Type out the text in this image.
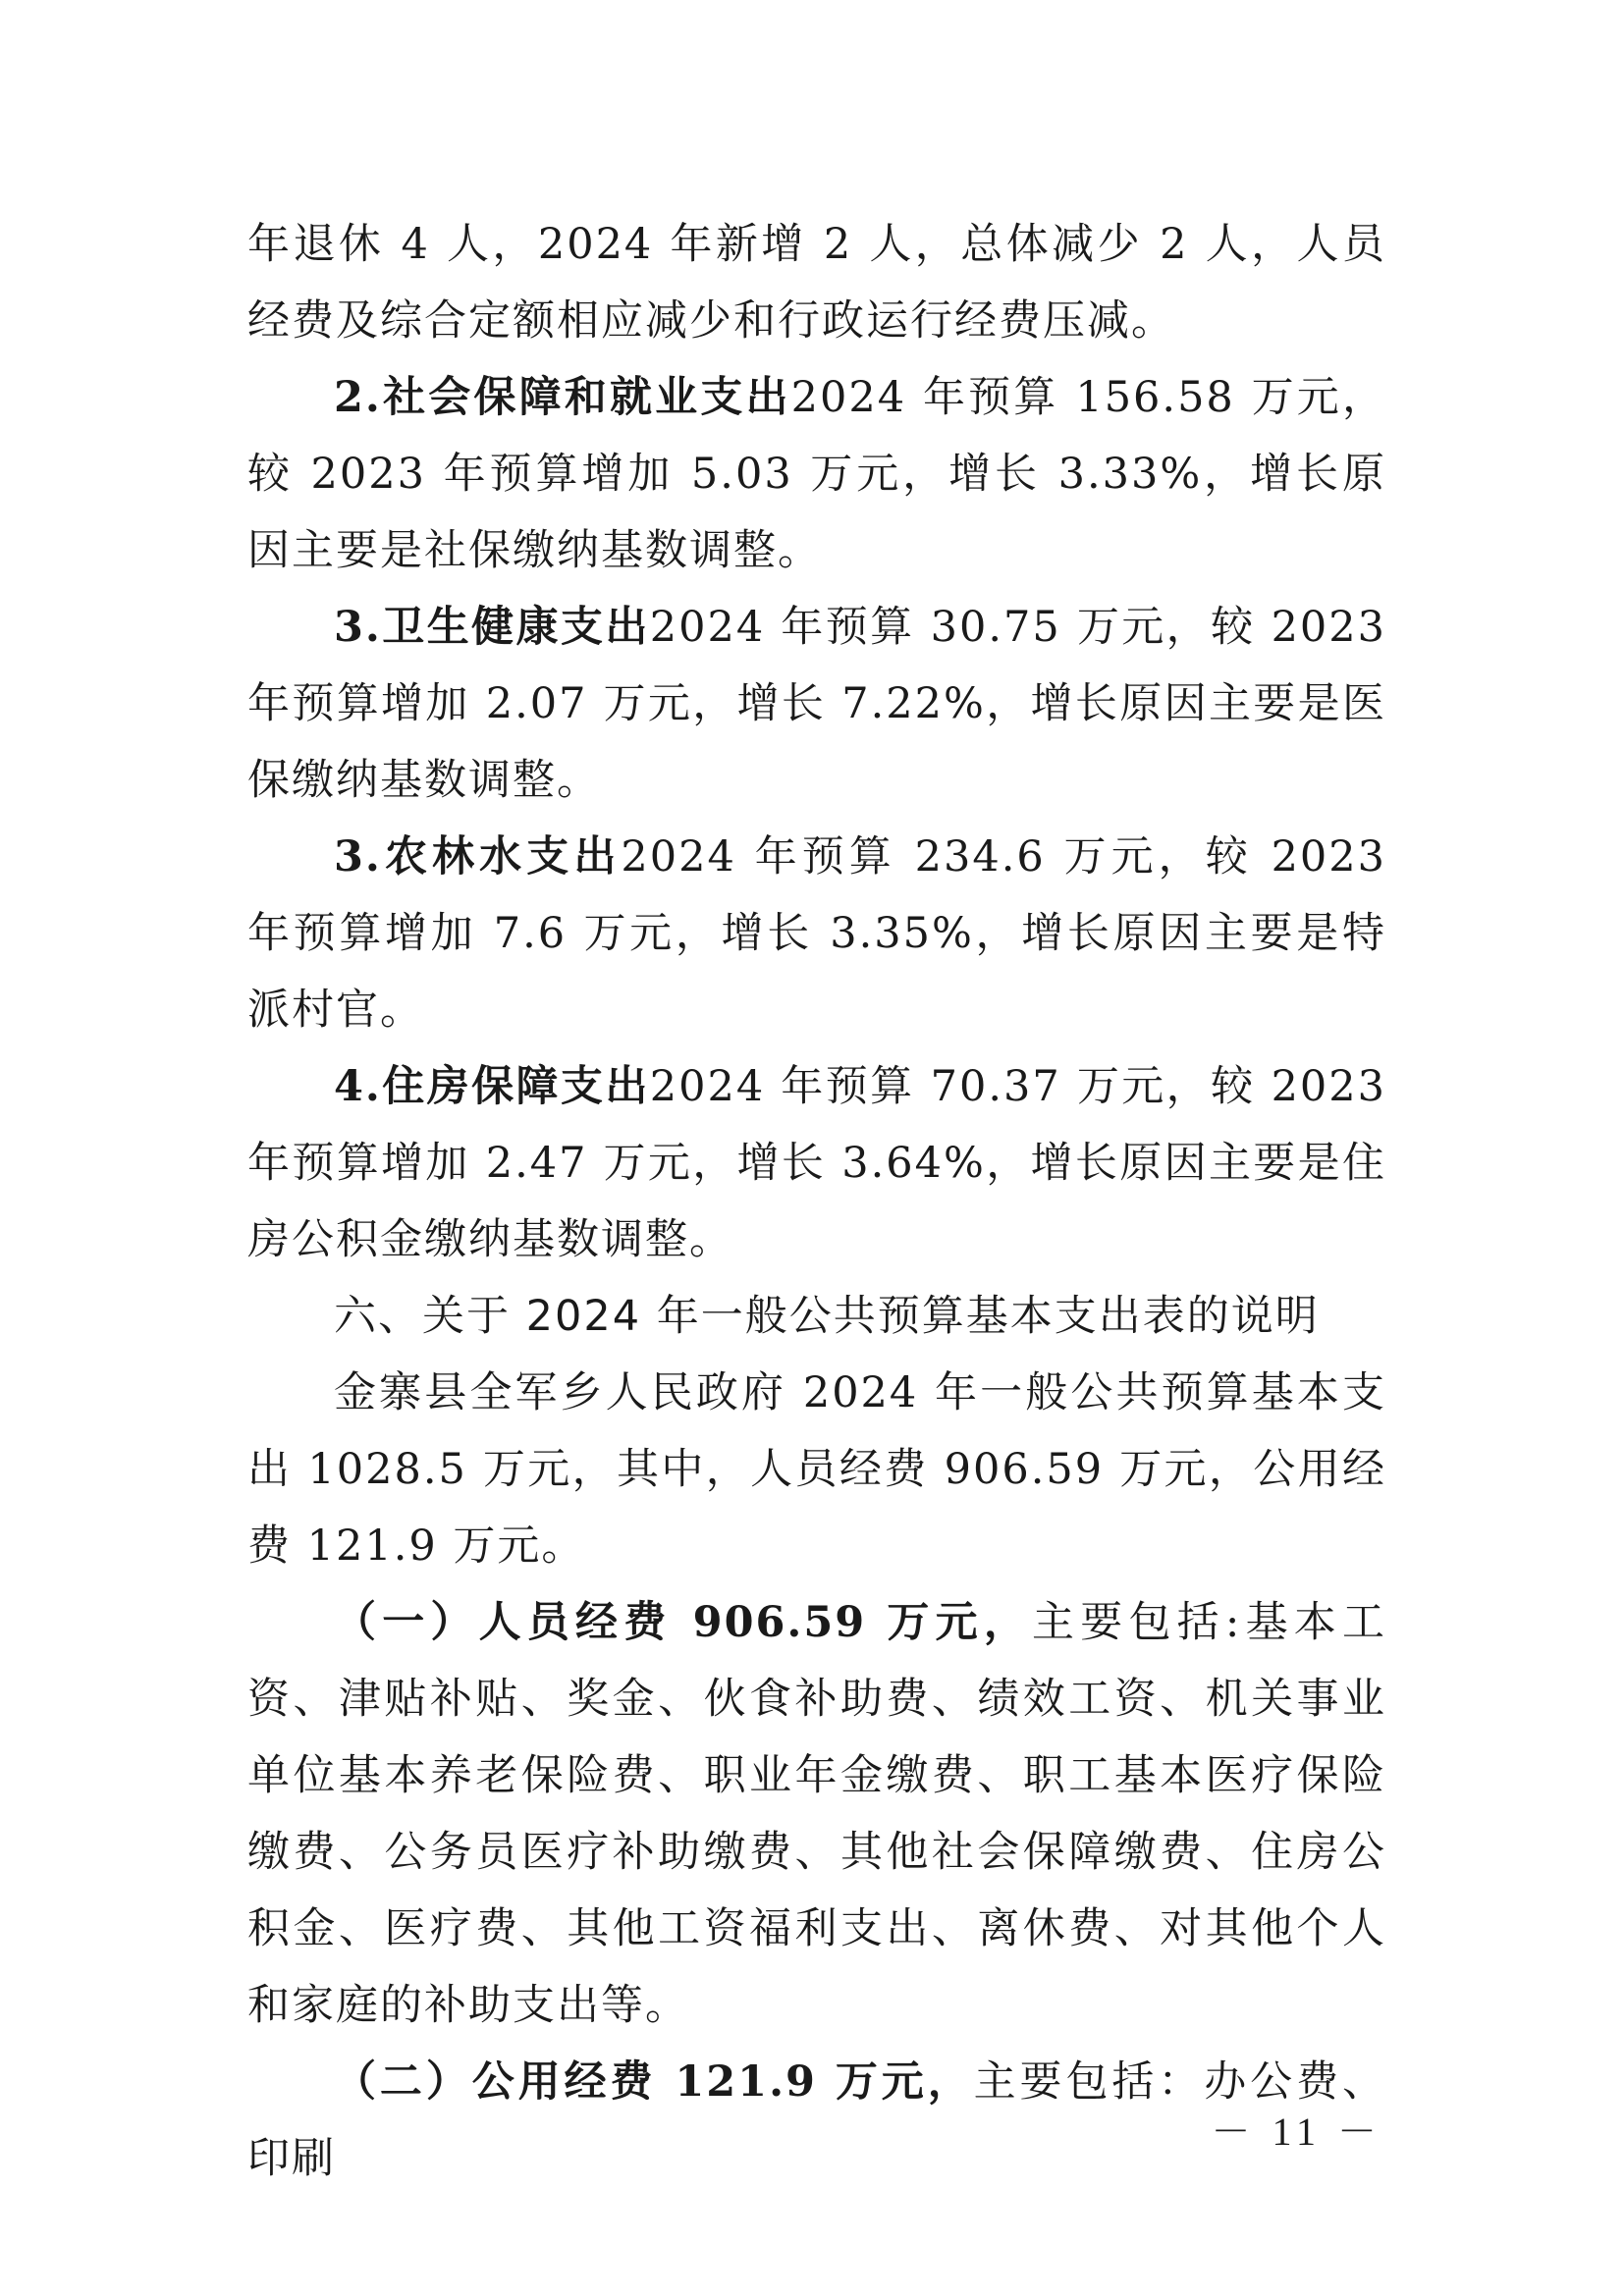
年退休 4 人，2024 年新增 2 人，总体减少 2 人，人员经费及综合定额相应减少和行政运行经费压减。

2.社会保障和就业支出2024 年预算 156.58 万元，较 2023 年预算增加 5.03 万元，增长 3.33%，增长原因主要是社保缴纳基数调整。

3.卫生健康支出2024 年预算 30.75 万元，较 2023 年预算增加 2.07 万元，增长 7.22%，增长原因主要是医保缴纳基数调整。

3.农林水支出2024 年预算 234.6 万元，较 2023 年预算增加 7.6 万元，增长 3.35%，增长原因主要是特派村官。

4.住房保障支出2024 年预算 70.37 万元，较 2023 年预算增加 2.47 万元，增长 3.64%，增长原因主要是住房公积金缴纳基数调整。

六、关于 2024 年一般公共预算基本支出表的说明

金寨县全军乡人民政府 2024 年一般公共预算基本支出 1028.5 万元，其中，人员经费 906.59 万元，公用经费 121.9 万元。

（一）人员经费 906.59 万元，主要包括:基本工资、津贴补贴、奖金、伙食补助费、绩效工资、机关事业单位基本养老保险费、职业年金缴费、职工基本医疗保险缴费、公务员医疗补助缴费、其他社会保障缴费、住房公积金、医疗费、其他工资福利支出、离休费、对其他个人和家庭的补助支出等。

（二）公用经费 121.9 万元，主要包括：办公费、印刷

－ 11 －
